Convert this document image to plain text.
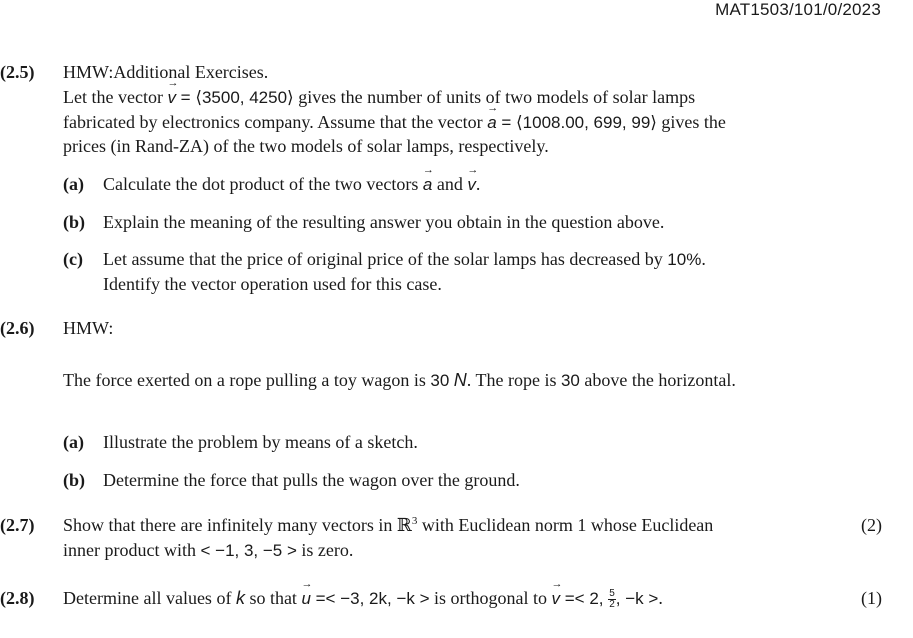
MAT1503/101/0/2023
(2.5) HMW:Additional Exercises.
Let the vector → v = ⟨3500, 4250⟩ gives the number of units of two models of solar lamps
fabricated by electronics company. Assume that the vector → a = ⟨1008.00, 699, 99⟩ gives the
prices (in Rand-ZA) of the two models of solar lamps, respectively.
(a) Calculate the dot product of the two vectors → a and → v.
(b) Explain the meaning of the resulting answer you obtain in the question above.
(c) Let assume that the price of original price of the solar lamps has decreased by 10%.
Identify the vector operation used for this case.
(2.6) HMW:
The force exerted on a rope pulling a toy wagon is 30 N. The rope is 30 above the horizontal.
(a) Illustrate the problem by means of a sketch.
(b) Determine the force that pulls the wagon over the ground.
(2.7) Show that there are infinitely many vectors in ℝ$^3$ with Euclidean norm 1 whose Euclidean
inner product with < −1, 3, −5 > is zero.
(2)
(2.8) Determine all values of k so that → u =< −3, 2k, −k > is orthogonal to → v =< 2, $\frac{5}{2}$ , −k >.	(1)
